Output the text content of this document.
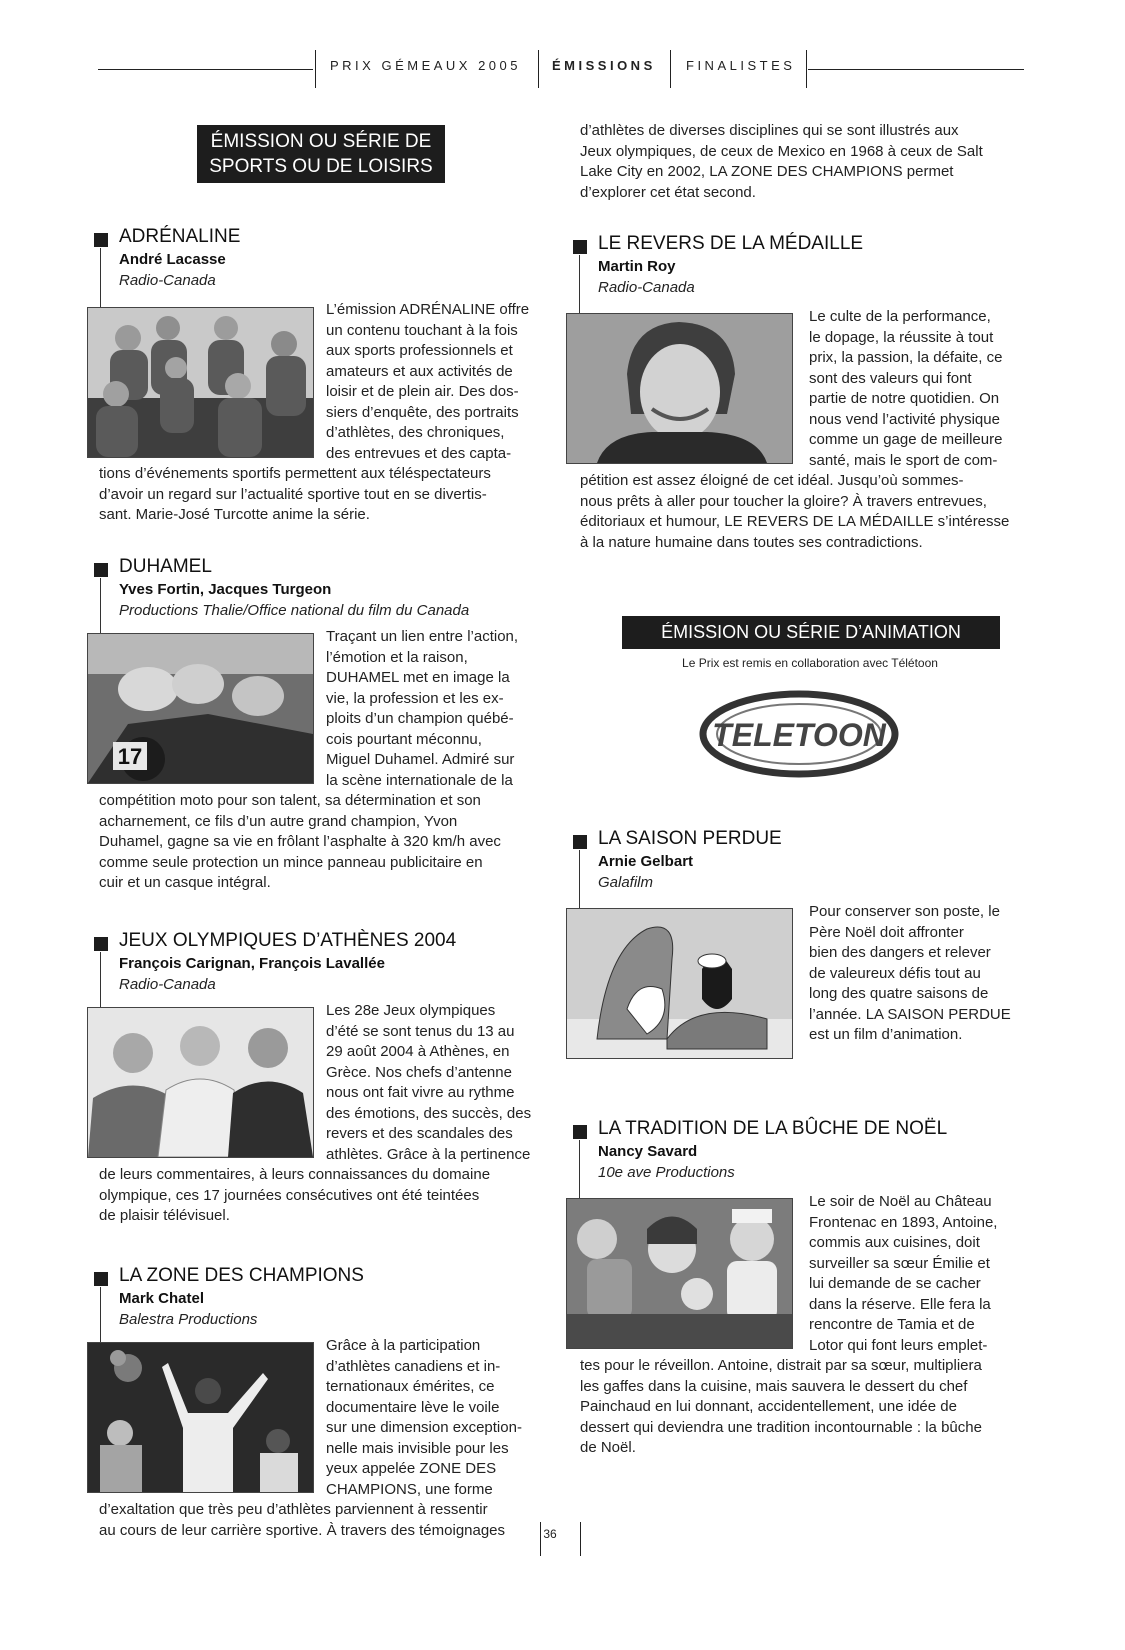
PRIX GÉMEAUX 2005 ÉMISSIONS FINALISTES
ÉMISSION OU SÉRIE DE
SPORTS OU DE LOISIRS
ADRÉNALINE
André Lacasse
Radio-Canada
L’émission ADRÉNALINE offre
un contenu touchant à la fois
aux sports professionnels et
amateurs et aux activités de
loisir et de plein air. Des dos-
siers d’enquête, des portraits
d’athlètes, des chroniques,
des entrevues et des capta-
tions d’événements sportifs permettent aux téléspectateurs
d’avoir un regard sur l’actualité sportive tout en se divertis-
sant. Marie-José Turcotte anime la série.
DUHAMEL
Yves Fortin, Jacques Turgeon
Productions Thalie/Office national du film du Canada
17
Traçant un lien entre l’action,
l’émotion et la raison,
DUHAMEL met en image la
vie, la profession et les ex-
ploits d’un champion québé-
cois pourtant méconnu,
Miguel Duhamel. Admiré sur
la scène internationale de la
compétition moto pour son talent, sa détermination et son
acharnement, ce fils d’un autre grand champion, Yvon
Duhamel, gagne sa vie en frôlant l’asphalte à 320 km/h avec
comme seule protection un mince panneau publicitaire en
cuir et un casque intégral.
JEUX OLYMPIQUES D’ATHÈNES 2004
François Carignan, François Lavallée
Radio-Canada
Les 28e Jeux olympiques
d’été se sont tenus du 13 au
29 août 2004 à Athènes, en
Grèce. Nos chefs d’antenne
nous ont fait vivre au rythme
des émotions, des succès, des
revers et des scandales des
athlètes. Grâce à la pertinence
de leurs commentaires, à leurs connaissances du domaine
olympique, ces 17 journées consécutives ont été teintées
de plaisir télévisuel.
LA ZONE DES CHAMPIONS
Mark Chatel
Balestra Productions
Grâce à la participation
d’athlètes canadiens et in-
ternationaux émérites, ce
documentaire lève le voile
sur une dimension exception-
nelle mais invisible pour les
yeux appelée ZONE DES
CHAMPIONS, une forme
d’exaltation que très peu d’athlètes parviennent à ressentir
au cours de leur carrière sportive. À travers des témoignages
d’athlètes de diverses disciplines qui se sont illustrés aux
Jeux olympiques, de ceux de Mexico en 1968 à ceux de Salt
Lake City en 2002, LA ZONE DES CHAMPIONS permet
d’explorer cet état second.
LE REVERS DE LA MÉDAILLE
Martin Roy
Radio-Canada
Le culte de la performance,
le dopage, la réussite à tout
prix, la passion, la défaite, ce
sont des valeurs qui font
partie de notre quotidien. On
nous vend l’activité physique
comme un gage de meilleure
santé, mais le sport de com-
pétition est assez éloigné de cet idéal. Jusqu’où sommes-
nous prêts à aller pour toucher la gloire? À travers entrevues,
éditoriaux et humour, LE REVERS DE LA MÉDAILLE s’intéresse
à la nature humaine dans toutes ses contradictions.
ÉMISSION OU SÉRIE D’ANIMATION
Le Prix est remis en collaboration avec Télétoon
TELETOON
LA SAISON PERDUE
Arnie Gelbart
Galafilm
Pour conserver son poste, le
Père Noël doit affronter
bien des dangers et relever
de valeureux défis tout au
long des quatre saisons de
l’année. LA SAISON PERDUE
est un film d’animation.
LA TRADITION DE LA BÛCHE DE NOËL
Nancy Savard
10e ave Productions
Le soir de Noël au Château
Frontenac en 1893, Antoine,
commis aux cuisines, doit
surveiller sa sœur Émilie et
lui demande de se cacher
dans la réserve. Elle fera la
rencontre de Tamia et de
Lotor qui font leurs emplet-
tes pour le réveillon. Antoine, distrait par sa sœur, multipliera
les gaffes dans la cuisine, mais sauvera le dessert du chef
Painchaud en lui donnant, accidentellement, une idée de
dessert qui deviendra une tradition incontournable : la bûche
de Noël.
36
